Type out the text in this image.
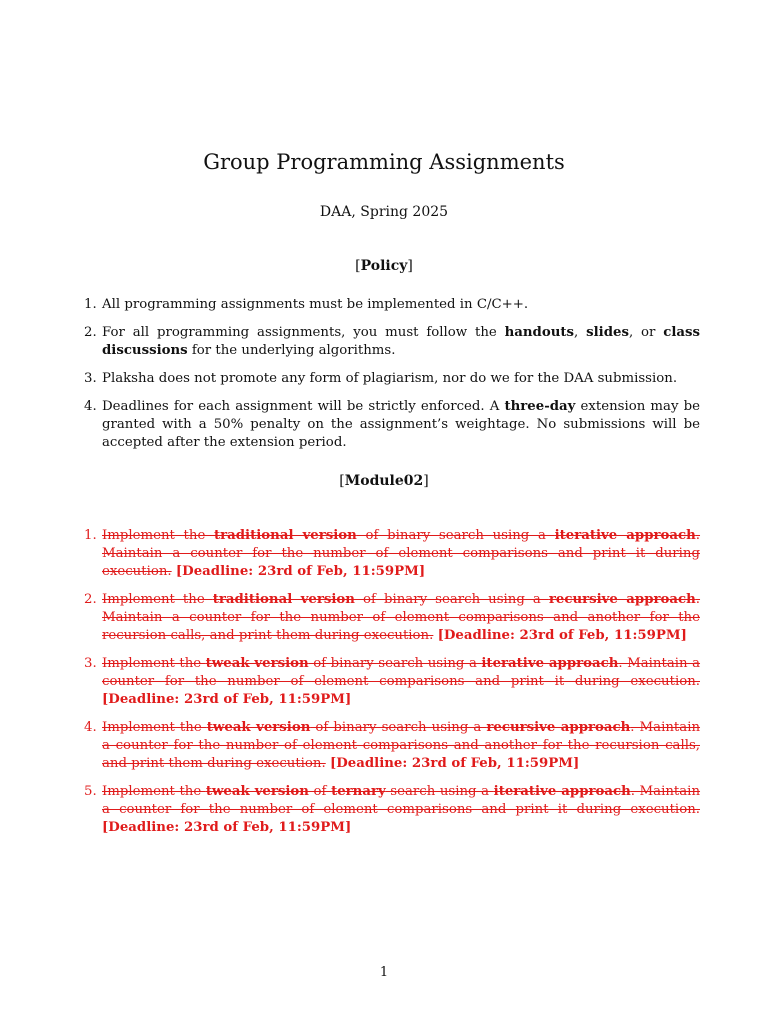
Group Programming Assignments
DAA, Spring 2025
[Policy]
1. All programming assignments must be implemented in C/C++.
2. For all programming assignments, you must follow the handouts, slides, or class discussions for the underlying algorithms.
3. Plaksha does not promote any form of plagiarism, nor do we for the DAA submission.
4. Deadlines for each assignment will be strictly enforced. A three-day extension may be granted with a 50% penalty on the assignment’s weightage. No submissions will be accepted after the extension period.
[Module02]
1. Implement the traditional version of binary search using a iterative approach. Maintain a counter for the number of element comparisons and print it during execution. [Deadline: 23rd of Feb, 11:59PM]
2. Implement the traditional version of binary search using a recursive approach. Maintain a counter for the number of element comparisons and another for the recursion calls, and print them during execution. [Deadline: 23rd of Feb, 11:59PM]
3. Implement the tweak version of binary search using a iterative approach. Maintain a counter for the number of element comparisons and print it during execution. [Deadline: 23rd of Feb, 11:59PM]
4. Implement the tweak version of binary search using a recursive approach. Maintain a counter for the number of element comparisons and another for the recursion calls, and print them during execution. [Deadline: 23rd of Feb, 11:59PM]
5. Implement the tweak version of ternary search using a iterative approach. Maintain a counter for the number of element comparisons and print it during execution. [Deadline: 23rd of Feb, 11:59PM]
1
